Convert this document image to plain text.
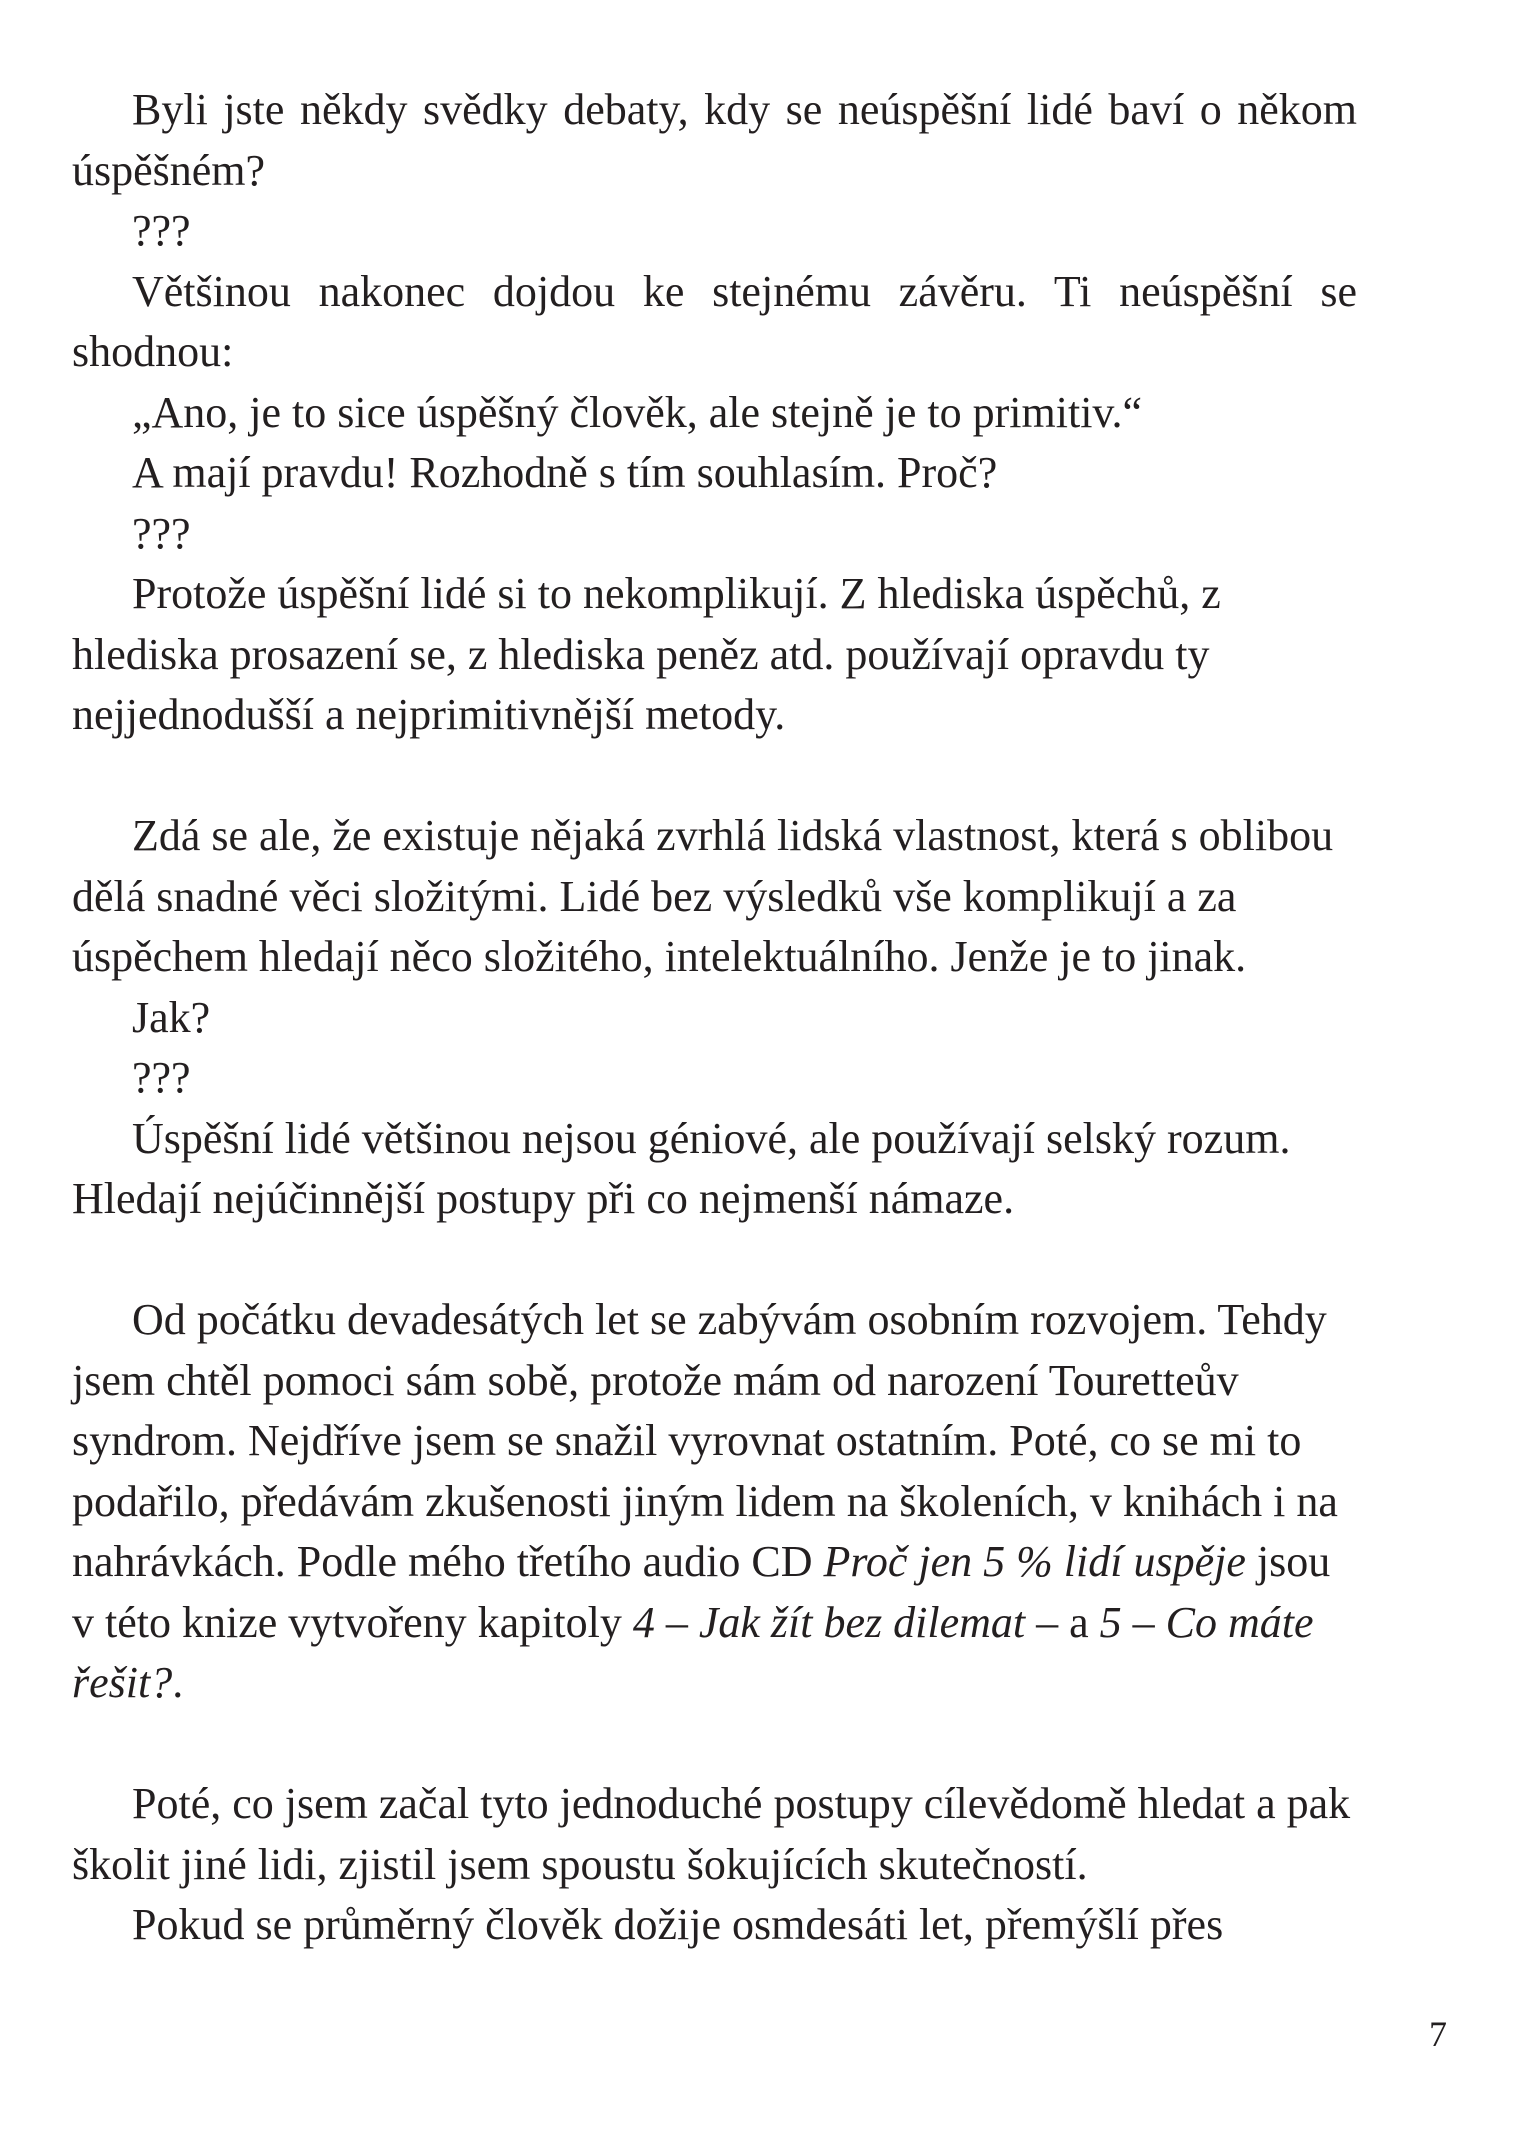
Byli jste někdy svědky debaty, kdy se neúspěšní lidé baví o někom úspěšném?

???

Většinou nakonec dojdou ke stejnému závěru. Ti neúspěšní se shodnou:

„Ano, je to sice úspěšný člověk, ale stejně je to primitiv.“

A mají pravdu! Rozhodně s tím souhlasím. Proč?

???

Protože úspěšní lidé si to nekomplikují. Z hlediska úspěchů, z hlediska prosazení se, z hlediska peněz atd. používají opravdu ty nejjednodušší a nejprimitivnější metody.

Zdá se ale, že existuje nějaká zvrhlá lidská vlastnost, která s oblibou dělá snadné věci složitými. Lidé bez výsledků vše komplikují a za úspěchem hledají něco složitého, intelektuálního. Jenže je to jinak.

Jak?

???

Úspěšní lidé většinou nejsou géniové, ale používají selský rozum. Hledají nejúčinnější postupy při co nejmenší námaze.

Od počátku devadesátých let se zabývám osobním rozvojem. Tehdy jsem chtěl pomoci sám sobě, protože mám od narození Touretteův syndrom. Nejdříve jsem se snažil vyrovnat ostatním. Poté, co se mi to podařilo, předávám zkušenosti jiným lidem na školeních, v knihách i na nahrávkách. Podle mého třetího audio CD Proč jen 5 % lidí uspěje jsou v této knize vytvořeny kapitoly 4 – Jak žít bez dilemat – a 5 – Co máte řešit?.

Poté, co jsem začal tyto jednoduché postupy cílevědomě hledat a pak školit jiné lidi, zjistil jsem spoustu šokujících skutečností.

Pokud se průměrný člověk dožije osmdesáti let, přemýšlí přes

7
